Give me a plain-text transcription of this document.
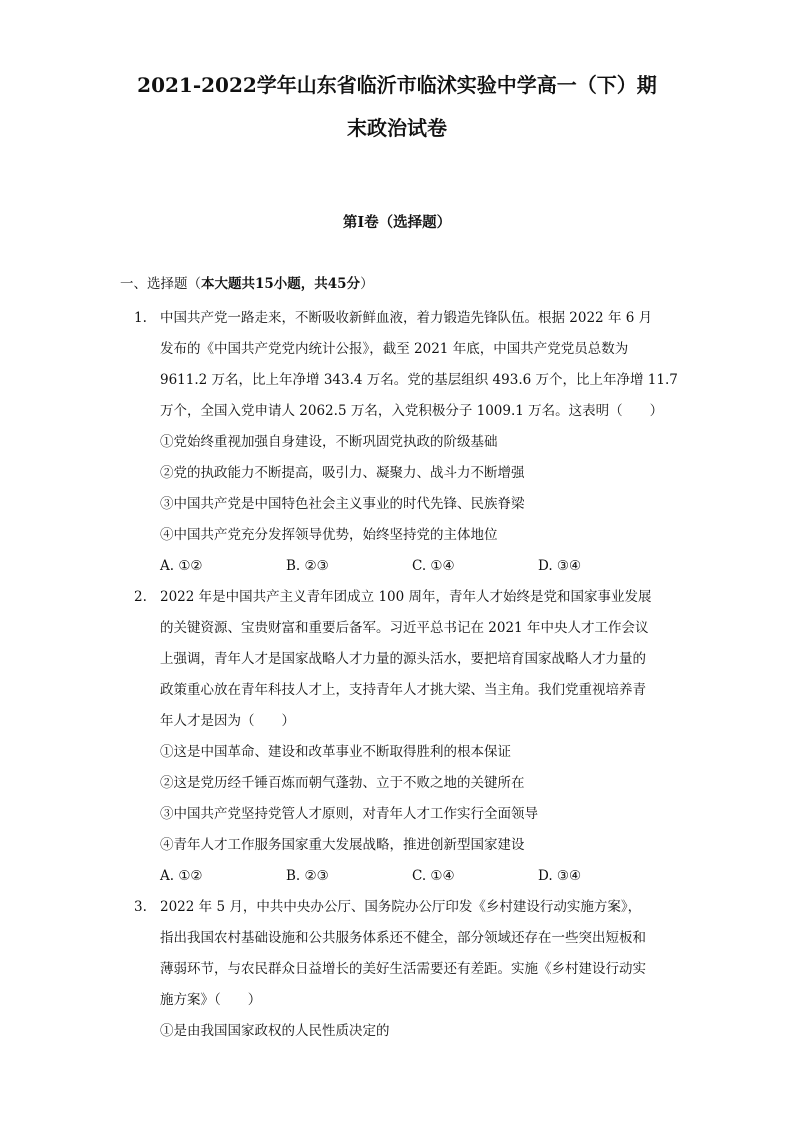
2021-2022学年山东省临沂市临沭实验中学高一（下）期

末政治试卷

第Ⅰ卷（选择题）

一、选择题（本大题共15小题，共45分）

1. 中国共产党一路走来，不断吸收新鲜血液，着力锻造先锋队伍。根据 2022 年 6 月
发布的《中国共产党党内统计公报》，截至 2021 年底，中国共产党党员总数为
9611.2 万名，比上年净增 343.4 万名。党的基层组织 493.6 万个，比上年净增 11.7
万个，全国入党申请人 2062.5 万名，入党积极分子 1009.1 万名。这表明（　　）
①党始终重视加强自身建设，不断巩固党执政的阶级基础
②党的执政能力不断提高，吸引力、凝聚力、战斗力不断增强
③中国共产党是中国特色社会主义事业的时代先锋、民族脊梁
④中国共产党充分发挥领导优势，始终坚持党的主体地位
A. ①②	B. ②③	C. ①④	D. ③④
2. 2022 年是中国共产主义青年团成立 100 周年，青年人才始终是党和国家事业发展
的关键资源、宝贵财富和重要后备军。习近平总书记在 2021 年中央人才工作会议
上强调，青年人才是国家战略人才力量的源头活水，要把培育国家战略人才力量的
政策重心放在青年科技人才上，支持青年人才挑大梁、当主角。我们党重视培养青
年人才是因为（　　）
①这是中国革命、建设和改革事业不断取得胜利的根本保证
②这是党历经千锤百炼而朝气蓬勃、立于不败之地的关键所在
③中国共产党坚持党管人才原则，对青年人才工作实行全面领导
④青年人才工作服务国家重大发展战略，推进创新型国家建设
A. ①②	B. ②③	C. ①④	D. ③④
3. 2022 年 5 月，中共中央办公厅、国务院办公厅印发《乡村建设行动实施方案》，
指出我国农村基础设施和公共服务体系还不健全，部分领域还存在一些突出短板和
薄弱环节，与农民群众日益增长的美好生活需要还有差距。实施《乡村建设行动实
施方案》（　　）
①是由我国国家政权的人民性质决定的
